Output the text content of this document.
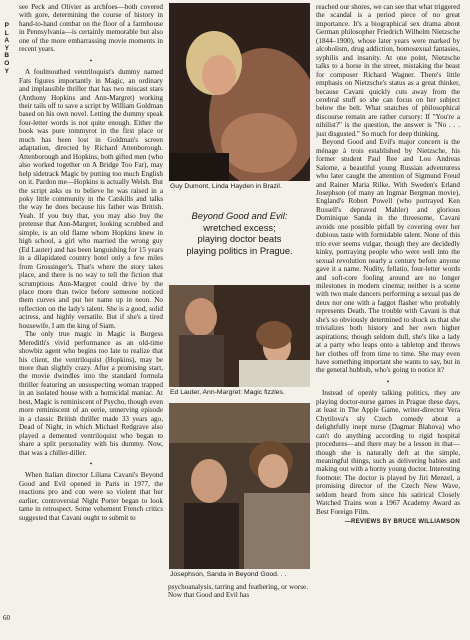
P
L
A
Y
B
O
Y

see Peck and Olivier as archfoes—both covered with gore, determining the course of history in hand-to-hand combat on the floor of a farmhouse in Pennsylvania—is certainly memorable but also one of the more embarrassing movie moments in recent years.

•

A foulmouthed ventriloquist's dummy named Fats figures importantly in Magic, an ordinary and implausible thriller that has two miscast stars (Anthony Hopkins and Ann-Margret) working their tails off to save a script by William Goldman based on his own novel. Letting the dummy speak four-letter words is not quite enough. Either the book was pure tommyrot in the first place or much has been lost in Goldman's screen adaptation, directed by Richard Attenborough. Attenborough and Hopkins, both gifted men (who also worked together on A Bridge Too Far), may help sidetrack Magic by putting too much English on it. Pardon me—Hopkins is actually Welsh. But the script asks us to believe he was raised in a poky little community in the Catskills and talks the way he does because his father was British. Yeah. If you buy that, you may also buy the pretense that Ann-Margret, looking scrubbed and simple, is an old flame whom Hopkins knew in high school, a girl who married the wrong guy (Ed Lauter) and has been languishing for 15 years in a dilapidated country hotel only a few miles from Grossinger's. That's where the story takes place, and there is no way to tell the fiction that scrumptious Ann-Margret could drive by the place more than twice before someone noticed them curves and put her name up in neon. No reflection on the lady's talent. She is a good, solid actress, and highly versatile. But if she's a tired housewife, I am the king of Siam.

The only true magic in Magic is Burgess Meredith's vivid performance as an old-time showbiz agent who begins too late to realize that his client, the ventriloquist (Hopkins), may be more than slightly crazy. After a promising start, the movie dwindles into the standard formula thriller featuring an unsuspecting woman trapped in an isolated house with a homicidal maniac. At best, Magic is reminiscent of Psycho, though even more reminiscent of an eerie, unnerving episode in a classic British thriller made 33 years ago, Dead of Night, in which Michael Redgrave also played a demented ventriloquist who began to share a split personality with his dummy. Now, that was a chiller-diller.

•

When Italian director Liliana Cavani's Beyond Good and Evil opened in Paris in 1977, the reactions pro and con were so violent that her earlier, controversial Night Porter began to look tame in retrospect. Some vehement French critics suggested that Cavani ought to submit to

Guy Dumont, Linda Hayden in Brazil.
Beyond Good and Evil:
wretched excess;
playing doctor beats
playing politics in Prague.
Ed Lauter, Ann-Margret: Magic fizzles.
Josephson, Sanda in Beyond Good. . .

psychoanalysis, tarring and feathering, or worse. Now that Good and Evil has

reached our shores, we can see that what triggered the scandal is a period piece of no great importance. It's a biographical sex drama about German philosopher Friedrich Wilhelm Nietzsche (1844–1900), whose later years were marked by alcoholism, drug addiction, homosexual fantasies, syphilis and insanity. At one point, Nietzsche talks to a horse in the street, mistaking the beast for composer Richard Wagner. There's little emphasis on Nietzsche's status as a great thinker, because Cavani quickly cuts away from the cerebral stuff so she can focus on her subject below the belt. What snatches of philosophical discourse remain are rather cursory: If "You're a nihilist?" is the question, the answer is "No . . . just disgusted." So much for deep thinking.

Beyond Good and Evil's major concern is the ménage à trois established by Nietzsche, his former student Paul Ree and Lou Andreas Salome, a beautiful young Russian adventuress who later caught the attention of Sigmund Freud and Rainer Maria Rilke. With Sweden's Erland Josephson (of many an Ingmar Bergman movie), England's Robert Powell (who portrayed Ken Russell's depraved Mahler) and glorious Dominique Sanda in the threesome, Cavani avoids one possible pitfall by covering over her dubious taste with formidable talent. None of this trio ever seems vulgar, though they are decidedly kinky, portraying people who were well into the sexual revolution nearly a century before anyone gave it a name. Nudity, fellatio, four-letter words and soft-core fooling around are no longer milestones in modern cinema; neither is a scene with two male dancers performing a sexual pas de deux nor one with a faggot flasher who probably represents Death. The trouble with Cavani is that she's so obviously determined to shock us that she trivializes both history and her own higher aspirations; though seldom dull, she's like a lady at a party who leaps onto a tabletop and throws her clothes off from time to time. She may even have something important she wants to say, but in the general hubbub, who's going to notice it?

•

Instead of openly talking politics, they are playing doctor-nurse games in Prague these days, at least in The Apple Game, writer-director Vera Chytilova's sly Czech comedy about a delightfully inept nurse (Dagmar Blahova) who can't do anything according to rigid hospital procedures—and there may be a lesson in that—though she is naturally deft at the simple, meaningful things, such as delivering babies and making out with a horny young doctor. Interesting footnote: The doctor is played by Jiri Menzel, a promising director of the Czech New Wave, seldom heard from since his satirical Closely Watched Trains won a 1967 Academy Award as Best Foreign Film.

—REVIEWS BY BRUCE WILLIAMSON

60
